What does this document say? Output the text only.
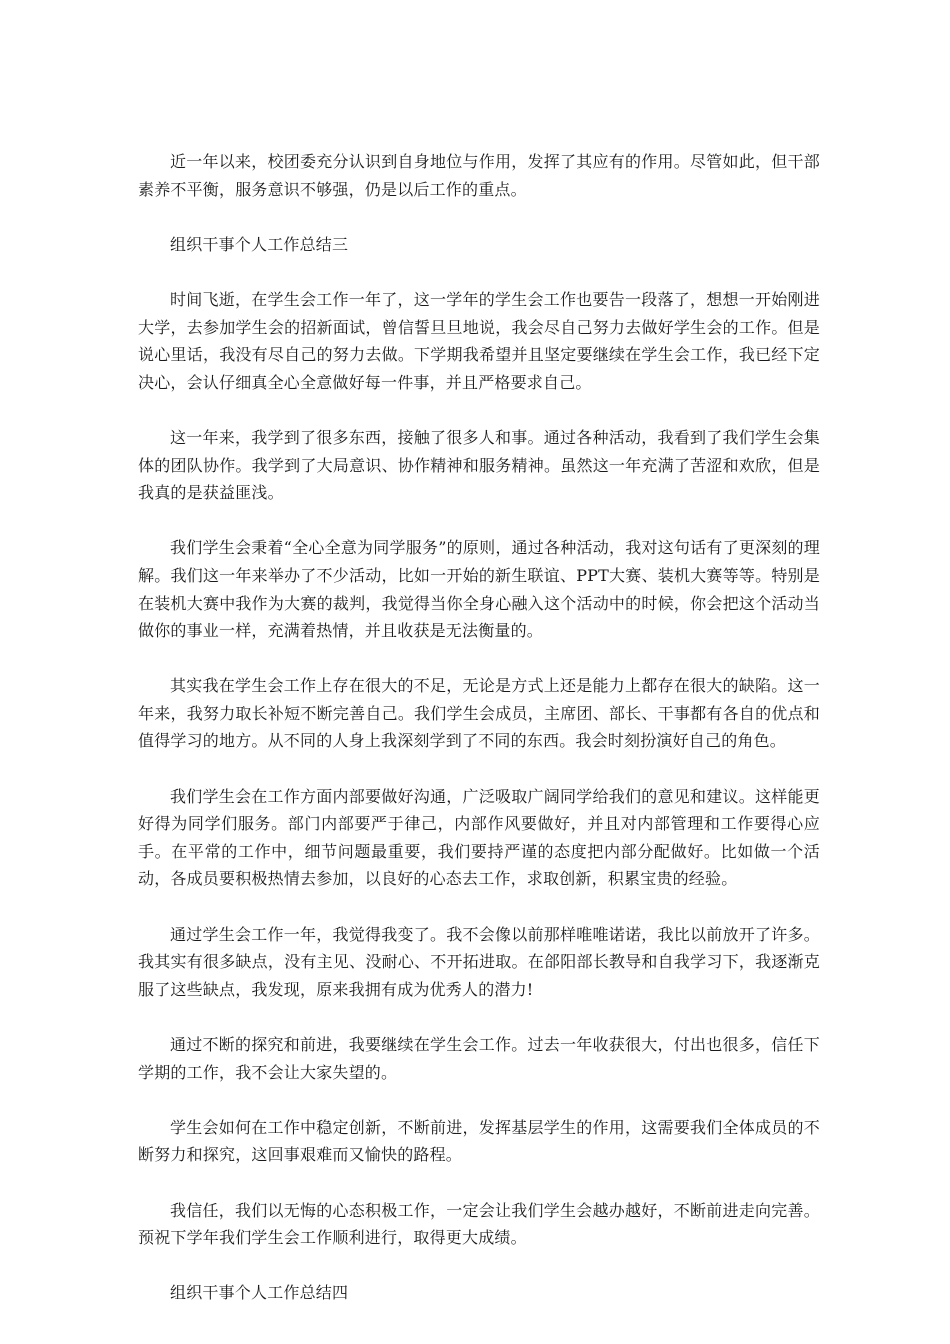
近一年以来，校团委充分认识到自身地位与作用，发挥了其应有的作用。尽管如此，但干部素养不平衡，服务意识不够强，仍是以后工作的重点。

组织干事个人工作总结三

时间飞逝，在学生会工作一年了，这一学年的学生会工作也要告一段落了，想想一开始刚进大学，去参加学生会的招新面试，曾信誓旦旦地说，我会尽自己努力去做好学生会的工作。但是说心里话，我没有尽自己的努力去做。下学期我希望并且坚定要继续在学生会工作，我已经下定决心，会认仔细真全心全意做好每一件事，并且严格要求自己。

这一年来，我学到了很多东西，接触了很多人和事。通过各种活动，我看到了我们学生会集体的团队协作。我学到了大局意识、协作精神和服务精神。虽然这一年充满了苦涩和欢欣，但是我真的是获益匪浅。

我们学生会秉着“全心全意为同学服务”的原则，通过各种活动，我对这句话有了更深刻的理解。我们这一年来举办了不少活动，比如一开始的新生联谊、PPT大赛、装机大赛等等。特别是在装机大赛中我作为大赛的裁判，我觉得当你全身心融入这个活动中的时候，你会把这个活动当做你的事业一样，充满着热情，并且收获是无法衡量的。

其实我在学生会工作上存在很大的不足，无论是方式上还是能力上都存在很大的缺陷。这一年来，我努力取长补短不断完善自己。我们学生会成员，主席团、部长、干事都有各自的优点和值得学习的地方。从不同的人身上我深刻学到了不同的东西。我会时刻扮演好自己的角色。

我们学生会在工作方面内部要做好沟通，广泛吸取广阔同学给我们的意见和建议。这样能更好得为同学们服务。部门内部要严于律己，内部作风要做好，并且对内部管理和工作要得心应手。在平常的工作中，细节问题最重要，我们要持严谨的态度把内部分配做好。比如做一个活动，各成员要积极热情去参加，以良好的心态去工作，求取创新，积累宝贵的经验。

通过学生会工作一年，我觉得我变了。我不会像以前那样唯唯诺诺，我比以前放开了许多。我其实有很多缺点，没有主见、没耐心、不开拓进取。在郃阳部长教导和自我学习下，我逐渐克服了这些缺点，我发现，原来我拥有成为优秀人的潜力!

通过不断的探究和前进，我要继续在学生会工作。过去一年收获很大，付出也很多，信任下学期的工作，我不会让大家失望的。

学生会如何在工作中稳定创新，不断前进，发挥基层学生的作用，这需要我们全体成员的不断努力和探究，这回事艰难而又愉快的路程。

我信任，我们以无悔的心态积极工作，一定会让我们学生会越办越好，不断前进走向完善。预祝下学年我们学生会工作顺利进行，取得更大成绩。

组织干事个人工作总结四
